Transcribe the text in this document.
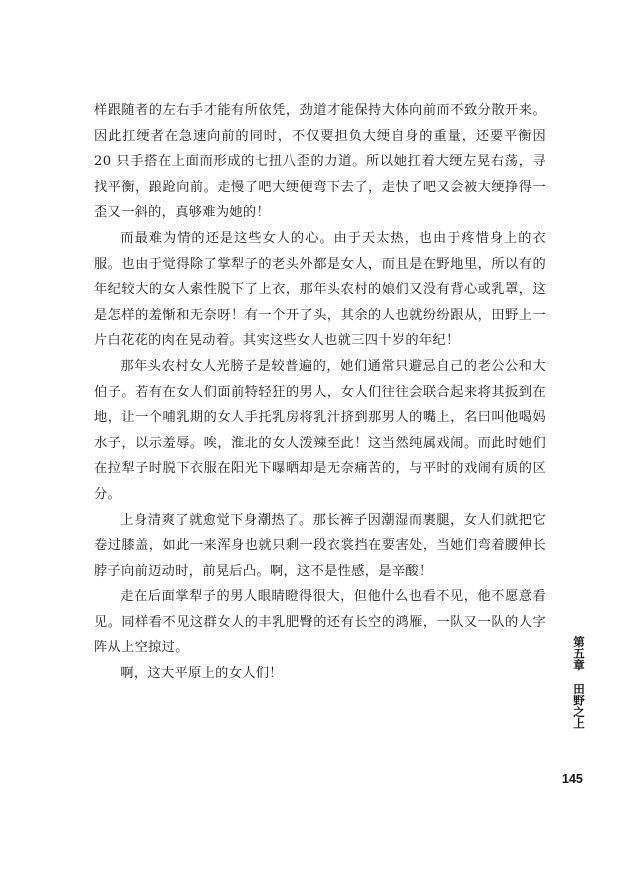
样跟随者的左右手才能有所依凭，劲道才能保持大体向前而不致分散开来。因此扛绠者在急速向前的同时，不仅要担负大绠自身的重量，还要平衡因 20 只手搭在上面而形成的七扭八歪的力道。所以她扛着大绠左晃右荡，寻找平衡，踉跄向前。走慢了吧大绠便弯下去了，走快了吧又会被大绠挣得一歪又一斜的，真够难为她的！

而最难为情的还是这些女人的心。由于天太热，也由于疼惜身上的衣服。也由于觉得除了掌犁子的老头外都是女人，而且是在野地里，所以有的年纪较大的女人索性脱下了上衣，那年头农村的娘们又没有背心或乳罩，这是怎样的羞惭和无奈呀！有一个开了头，其余的人也就纷纷跟从，田野上一片白花花的肉在晃动着。其实这些女人也就三四十岁的年纪！

那年头农村女人光膀子是较普遍的，她们通常只避忌自己的老公公和大伯子。若有在女人们面前特轻狂的男人，女人们往往会联合起来将其扳到在地，让一个哺乳期的女人手托乳房将乳汁挤到那男人的嘴上，名曰叫他喝妈水子，以示羞辱。唉，淮北的女人泼辣至此！这当然纯属戏闹。而此时她们在拉犁子时脱下衣服在阳光下曝晒却是无奈痛苦的，与平时的戏闹有质的区分。

上身清爽了就愈觉下身潮热了。那长裤子因潮湿而裹腿，女人们就把它卷过膝盖，如此一来浑身也就只剩一段衣裳挡在要害处，当她们弯着腰伸长脖子向前迈动时，前晃后凸。啊，这不是性感，是辛酸！

走在后面掌犁子的男人眼睛瞪得很大，但他什么也看不见，他不愿意看见。同样看不见这群女人的丰乳肥臀的还有长空的鸿雁，一队又一队的人字阵从上空掠过。

啊，这大平原上的女人们！

第五章田野之上
145
